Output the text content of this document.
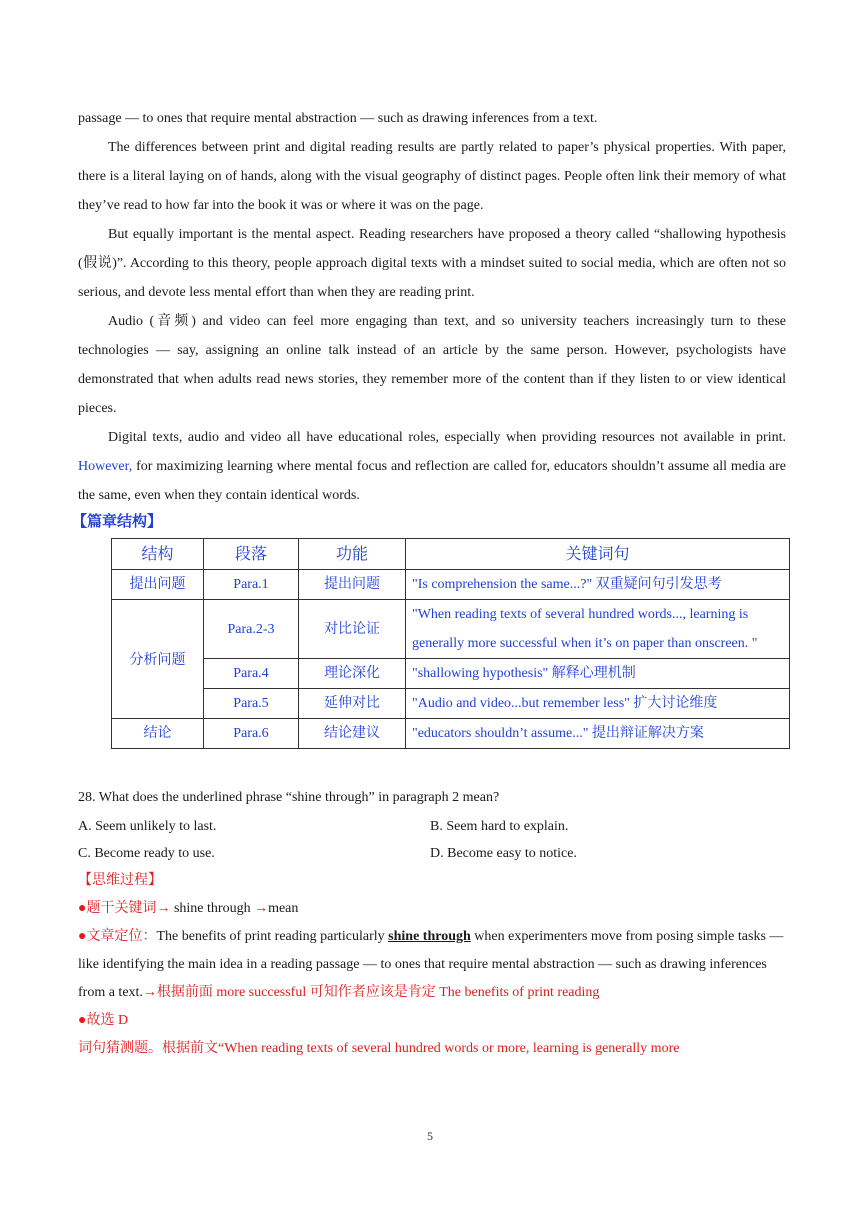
passage — to ones that require mental abstraction — such as drawing inferences from a text.

The differences between print and digital reading results are partly related to paper’s physical properties. With paper, there is a literal laying on of hands, along with the visual geography of distinct pages. People often link their memory of what they’ve read to how far into the book it was or where it was on the page.

But equally important is the mental aspect. Reading researchers have proposed a theory called “shallowing hypothesis (假说)”. According to this theory, people approach digital texts with a mindset suited to social media, which are often not so serious, and devote less mental effort than when they are reading print.

Audio (音频) and video can feel more engaging than text, and so university teachers increasingly turn to these technologies — say, assigning an online talk instead of an article by the same person. However, psychologists have demonstrated that when adults read news stories, they remember more of the content than if they listen to or view identical pieces.

Digital texts, audio and video all have educational roles, especially when providing resources not available in print. However, for maximizing learning where mental focus and reflection are called for, educators shouldn’t assume all media are the same, even when they contain identical words.

【篇章结构】
结构	段落	功能	关键词句
提出问题	Para.1	提出问题	"Is comprehension the same...?" 双重疑问句引发思考
分析问题	Para.2-3	对比论证	"When reading texts of several hundred words..., learning is generally more successful when it’s on paper than onscreen. "
	Para.4	理论深化	"shallowing hypothesis" 解释心理机制
	Para.5	延伸对比	"Audio and video...but remember less" 扩大讨论维度
结论	Para.6	结论建议	"educators shouldn’t assume..." 提出辩证解决方案

28. What does the underlined phrase “shine through” in paragraph 2 mean?

A. Seem unlikely to last.	B. Seem hard to explain.
C. Become ready to use.	D. Become easy to notice.

【思维过程】

●题干关键词→ shine through →mean

●文章定位：The benefits of print reading particularly shine through when experimenters move from posing simple tasks — like identifying the main idea in a reading passage — to ones that require mental abstraction — such as drawing inferences from a text.→根据前面 more successful 可知作者应该是肯定 The benefits of print reading

●故选 D

词句猜测题。根据前文“When reading texts of several hundred words or more, learning is generally more

5
